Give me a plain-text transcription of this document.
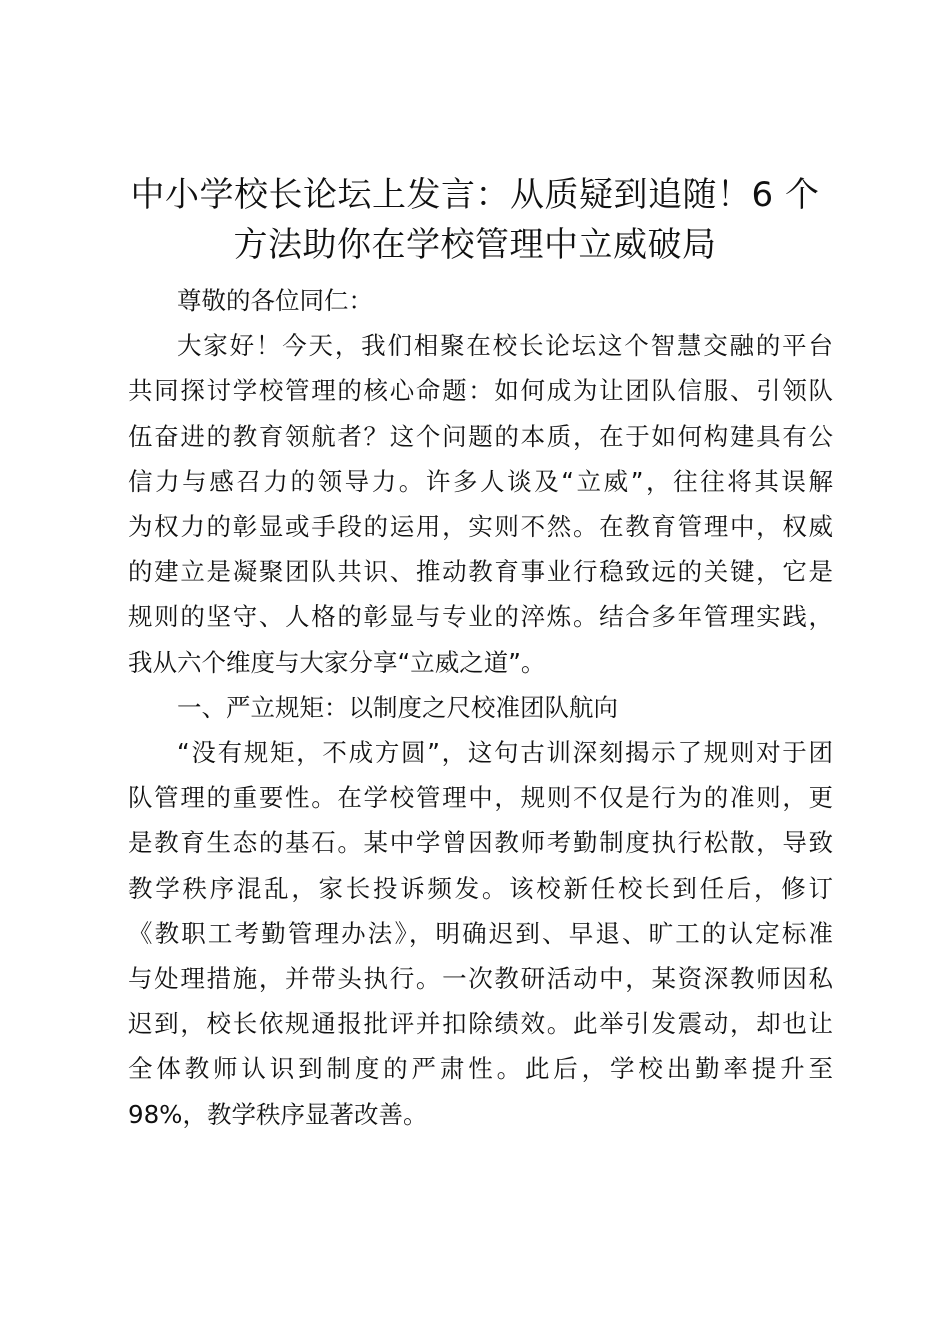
中小学校长论坛上发言：从质疑到追随！6 个
方法助你在学校管理中立威破局

尊敬的各位同仁：

大家好！今天，我们相聚在校长论坛这个智慧交融的平台
共同探讨学校管理的核心命题：如何成为让团队信服、引领队
伍奋进的教育领航者？这个问题的本质，在于如何构建具有公
信力与感召力的领导力。许多人谈及“立威”，往往将其误解
为权力的彰显或手段的运用，实则不然。在教育管理中，权威
的建立是凝聚团队共识、推动教育事业行稳致远的关键，它是
规则的坚守、人格的彰显与专业的淬炼。结合多年管理实践，
我从六个维度与大家分享“立威之道”。

一、严立规矩：以制度之尺校准团队航向

“没有规矩，不成方圆”，这句古训深刻揭示了规则对于团
队管理的重要性。在学校管理中，规则不仅是行为的准则，更
是教育生态的基石。某中学曾因教师考勤制度执行松散，导致
教学秩序混乱，家长投诉频发。该校新任校长到任后，修订
《教职工考勤管理办法》，明确迟到、早退、旷工的认定标准
与处理措施，并带头执行。一次教研活动中，某资深教师因私
迟到，校长依规通报批评并扣除绩效。此举引发震动，却也让
全体教师认识到制度的严肃性。此后，学校出勤率提升至
98%，教学秩序显著改善。
